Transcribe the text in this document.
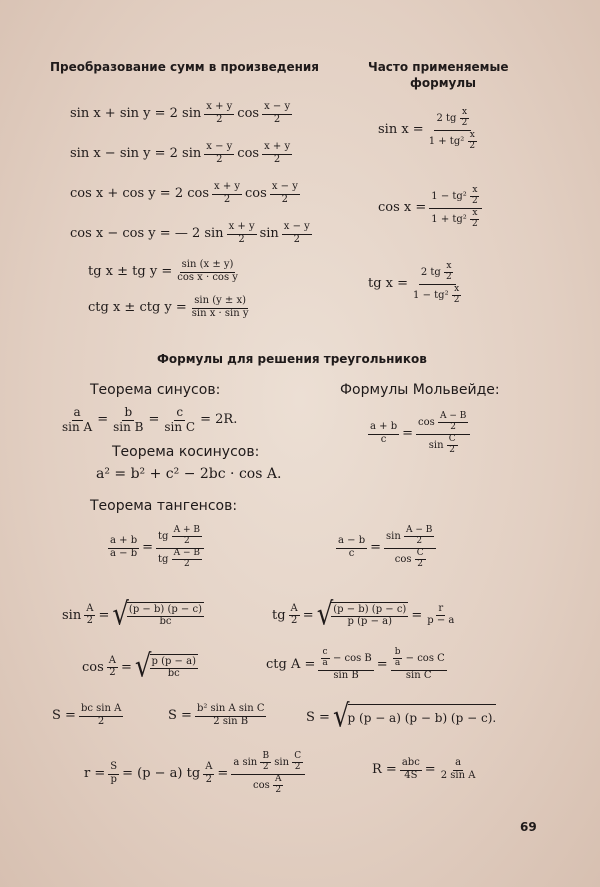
Преобразование сумм в произведения	Часто применяемые
формулы
sin x + sin y = 2 sin x + y
2 cos x − y
2
sin x − sin y = 2 sin x − y
2 cos x + y
2
cos x + cos y = 2 cos x + y
2 cos x − y
2
cos x − cos y = — 2 sin x + y
2 sin x − y
2
tg x ± tg $y = \frac{\sin (x \pm y)}{\text{cos x · cos y}}$
ctg x ± ctg $y = \frac{\sin (y \pm x)}{\text{sin x · sin y}}$
$\sin x = \frac{2 tg \frac{x}{2}}{1 + tg^2 \frac{x}{2}}$
$\cos x = \frac{1 - tg^2 \frac{x}{2}}{1 + tg^2 \frac{x}{2}}$
tg $x = \frac{2 tg \frac{x}{2}}{1 - tg^2 \frac{x}{2}}$
Формулы для решения треугольников
Теорема синусов:	Формулы Мольвейде:
$\frac{a}{\text{sin A}} = \frac{b}{\text{sin B}} = \frac{c}{\text{sin C}} = 2R$.
$\frac{a + b}{c} = \frac{\cos \frac{A - B}{2}}{\sin \frac{C}{2}}$
Теорема косинусов:
a² = b² + c² − 2bc · cos A.
Теорема тангенсов:
$\frac{a + b}{a - b} = \frac{tg \frac{A + B}{2}}{tg \frac{A - B}{2}}$	$\frac{a - b}{c} = \frac{\sin \frac{A - B}{2}}{\cos \frac{C}{2}}$
$\sin \frac{A}{2}$ = √ (p − b) (p − c)
bc	tg $\frac{A}{2}$ = √ (p − b) (p − c)
p $(p - a) = \frac{r}{p - a}$
$\cos \frac{A}{2}$ = √ p (p − a)
bc
ctg $A = \frac{\frac{c}{a} - \cos B}{\text{sin B}} = \frac{\frac{b}{a} - \cos C}{\text{sin C}}$
$S = \frac{\text{bc sin A}}{2}$	$S = \frac{\text{b² sin A sin C}}{\text{2 sin B}}$	S = √
p (p − a) (p − b) (p − c).
$r = \frac{S}{p} = (p - a)$ tg $\frac{A}{2} = \frac{a \sin \frac{B}{2} \sin \frac{C}{2}}{\cos \frac{A}{2}}$	R = abc
$4S = \frac{a}{\text{2 sin A}}$
69
